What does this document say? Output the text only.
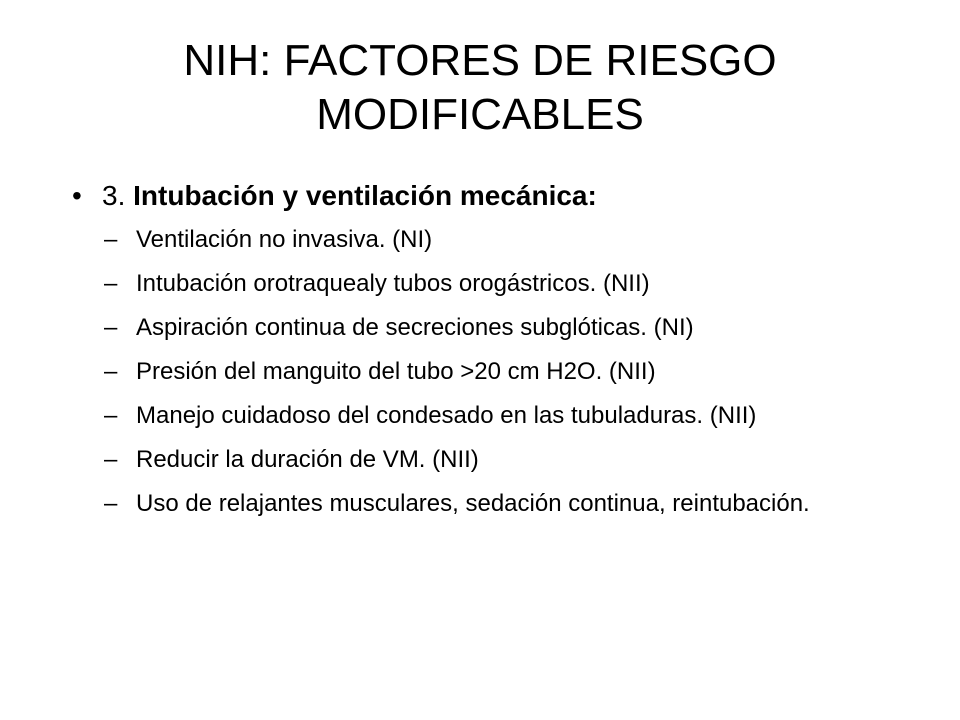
NIH: FACTORES DE RIESGO
MODIFICABLES
• 3. Intubación y ventilación mecánica:
– Ventilación no invasiva. (NI)
– Intubación orotraquealy tubos orogástricos. (NII)
– Aspiración continua de secreciones subglóticas. (NI)
– Presión del manguito del tubo >20 cm H2O. (NII)
– Manejo cuidadoso del condesado en las tubuladuras. (NII)
– Reducir la duración de VM. (NII)
– Uso de relajantes musculares, sedación continua, reintubación.
